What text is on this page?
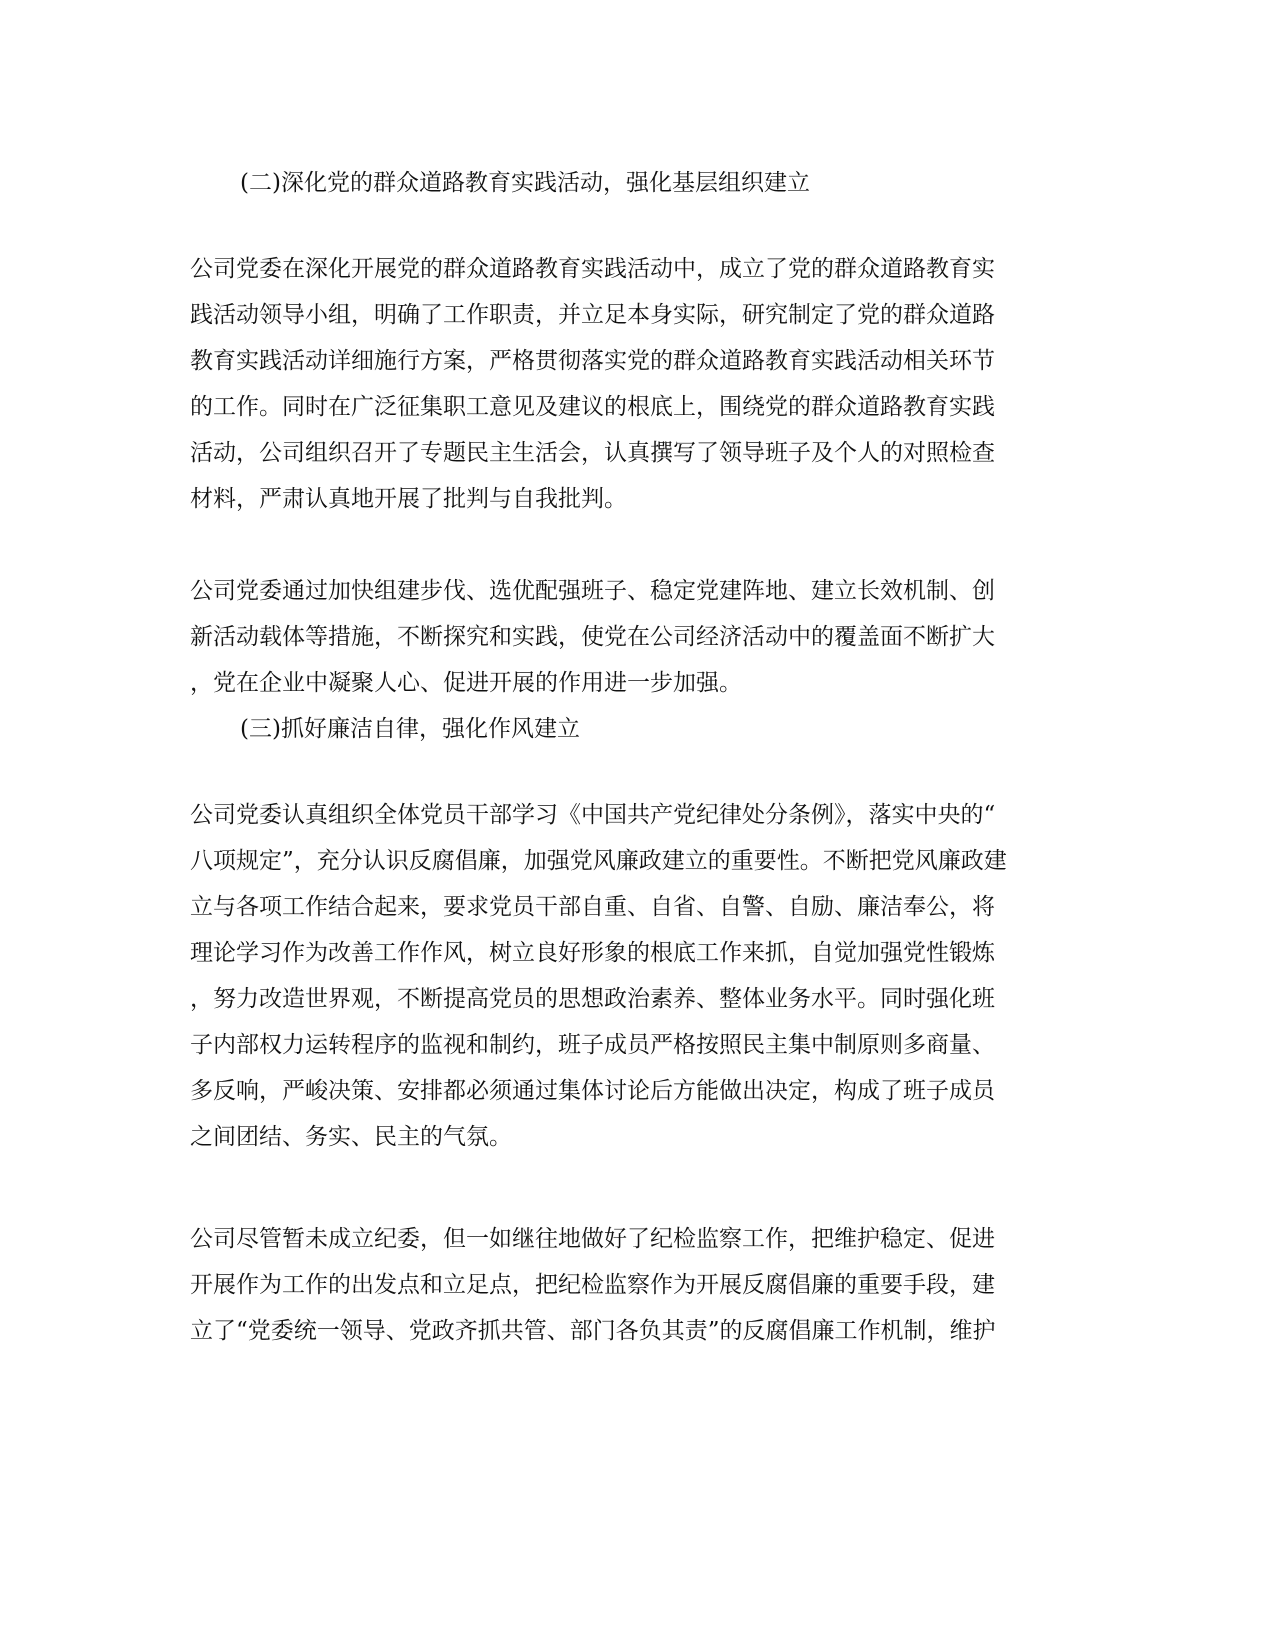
(二)深化党的群众道路教育实践活动，强化基层组织建立
公司党委在深化开展党的群众道路教育实践活动中，成立了党的群众道路教育实
践活动领导小组，明确了工作职责，并立足本身实际，研究制定了党的群众道路
教育实践活动详细施行方案，严格贯彻落实党的群众道路教育实践活动相关环节
的工作。同时在广泛征集职工意见及建议的根底上，围绕党的群众道路教育实践
活动，公司组织召开了专题民主生活会，认真撰写了领导班子及个人的对照检查
材料，严肃认真地开展了批判与自我批判。
公司党委通过加快组建步伐、选优配强班子、稳定党建阵地、建立长效机制、创
新活动载体等措施，不断探究和实践，使党在公司经济活动中的覆盖面不断扩大
，党在企业中凝聚人心、促进开展的作用进一步加强。
(三)抓好廉洁自律，强化作风建立
公司党委认真组织全体党员干部学习《中国共产党纪律处分条例》，落实中央的“
八项规定”，充分认识反腐倡廉，加强党风廉政建立的重要性。不断把党风廉政建
立与各项工作结合起来，要求党员干部自重、自省、自警、自励、廉洁奉公，将
理论学习作为改善工作作风，树立良好形象的根底工作来抓，自觉加强党性锻炼
，努力改造世界观，不断提高党员的思想政治素养、整体业务水平。同时强化班
子内部权力运转程序的监视和制约，班子成员严格按照民主集中制原则多商量、
多反响，严峻决策、安排都必须通过集体讨论后方能做出决定，构成了班子成员
之间团结、务实、民主的气氛。
公司尽管暂未成立纪委，但一如继往地做好了纪检监察工作，把维护稳定、促进
开展作为工作的出发点和立足点，把纪检监察作为开展反腐倡廉的重要手段，建
立了“党委统一领导、党政齐抓共管、部门各负其责”的反腐倡廉工作机制，维护
